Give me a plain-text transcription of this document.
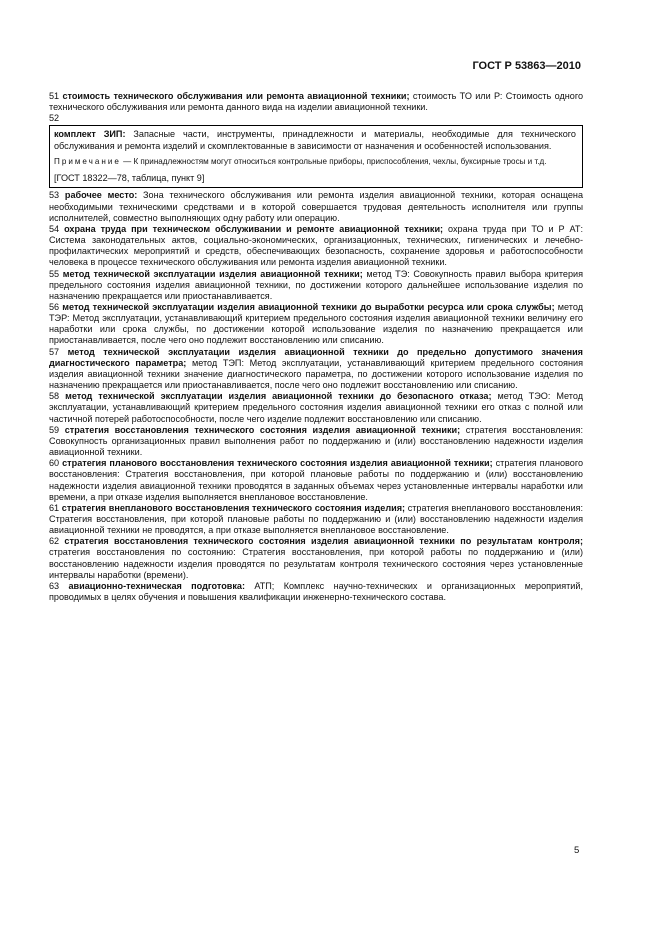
ГОСТ Р 53863—2010

51 стоимость технического обслуживания или ремонта авиационной техники; стоимость ТО или Р: Стоимость одного технического обслуживания или ремонта данного вида на изделии авиационной техники.

52

комплект ЗИП: Запасные части, инструменты, принадлежности и материалы, необходимые для технического обслуживания и ремонта изделий и скомплектованные в зависимости от назначения и особенностей использования.

Примечание — К принадлежностям могут относиться контрольные приборы, приспособления, чехлы, буксирные тросы и т.д.

[ГОСТ 18322—78, таблица, пункт 9]

53 рабочее место: Зона технического обслуживания или ремонта изделия авиационной техники, которая оснащена необходимыми техническими средствами и в которой совершается трудовая деятельность исполнителя или группы исполнителей, совместно выполняющих одну работу или операцию.

54 охрана труда при техническом обслуживании и ремонте авиационной техники; охрана труда при ТО и Р АТ: Система законодательных актов, социально-экономических, организационных, технических, гигиенических и лечебно-профилактических мероприятий и средств, обеспечивающих безопасность, сохранение здоровья и работоспособности человека в процессе технического обслуживания или ремонта изделия авиационной техники.

55 метод технической эксплуатации изделия авиационной техники; метод ТЭ: Совокупность правил выбора критерия предельного состояния изделия авиационной техники, по достижении которого дальнейшее использование изделия по назначению прекращается или приостанавливается.

56 метод технической эксплуатации изделия авиационной техники до выработки ресурса или срока службы; метод ТЭР: Метод эксплуатации, устанавливающий критерием предельного состояния изделия авиационной техники величину его наработки или срока службы, по достижении которой использование изделия по назначению прекращается или приостанавливается, после чего оно подлежит восстановлению или списанию.

57 метод технической эксплуатации изделия авиационной техники до предельно допустимого значения диагностического параметра; метод ТЭП: Метод эксплуатации, устанавливающий критерием предельного состояния изделия авиационной техники значение диагностического параметра, по достижении которого использование изделия по назначению прекращается или приостанавливается, после чего оно подлежит восстановлению или списанию.

58 метод технической эксплуатации изделия авиационной техники до безопасного отказа; метод ТЭО: Метод эксплуатации, устанавливающий критерием предельного состояния изделия авиационной техники его отказ с полной или частичной потерей работоспособности, после чего изделие подлежит восстановлению или списанию.

59 стратегия восстановления технического состояния изделия авиационной техники; стратегия восстановления: Совокупность организационных правил выполнения работ по поддержанию и (или) восстановлению надежности изделия авиационной техники.

60 стратегия планового восстановления технического состояния изделия авиационной техники; стратегия планового восстановления: Стратегия восстановления, при которой плановые работы по поддержанию и (или) восстановлению надежности изделия авиационной техники проводятся в заданных объемах через установленные интервалы наработки или времени, а при отказе изделия выполняется внеплановое восстановление.

61 стратегия внепланового восстановления технического состояния изделия; стратегия внепланового восстановления: Стратегия восстановления, при которой плановые работы по поддержанию и (или) восстановлению надежности изделия авиационной техники не проводятся, а при отказе выполняется внеплановое восстановление.

62 стратегия восстановления технического состояния изделия авиационной техники по результатам контроля; стратегия восстановления по состоянию: Стратегия восстановления, при которой работы по поддержанию и (или) восстановлению надежности изделия проводятся по результатам контроля технического состояния через установленные интервалы наработки (времени).

63 авиационно-техническая подготовка: АТП; Комплекс научно-технических и организационных мероприятий, проводимых в целях обучения и повышения квалификации инженерно-технического состава.

5
